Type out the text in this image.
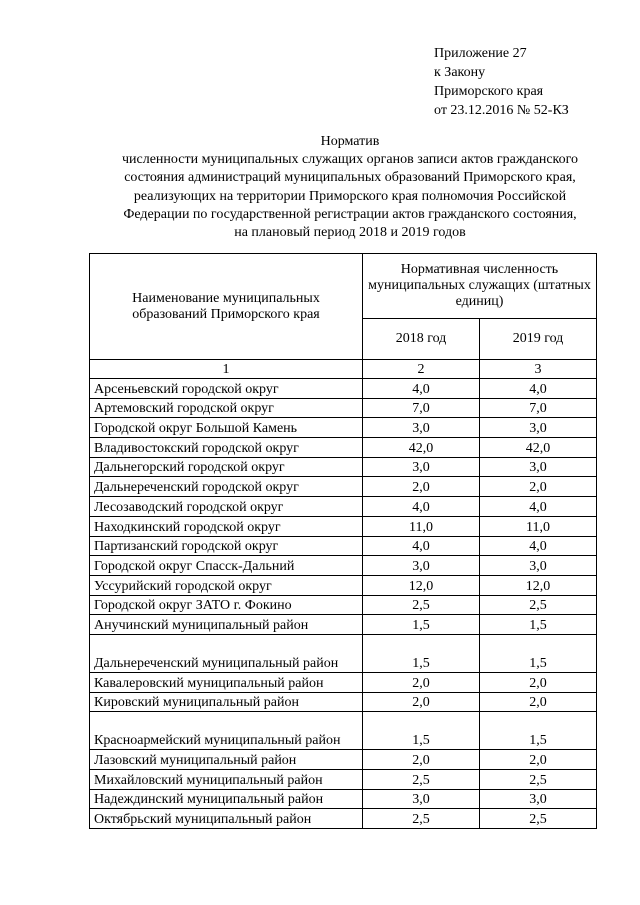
Приложение 27
к Закону
Приморского края
от 23.12.2016 № 52-КЗ
Норматив
численности муниципальных служащих органов записи актов гражданского
состояния администраций муниципальных образований Приморского края,
реализующих на территории Приморского края полномочия Российской
Федерации по государственной регистрации актов гражданского состояния,
на плановый период 2018 и 2019 годов
Наименование муниципальных образований Приморского края	Нормативная численность муниципальных служащих (штатных единиц)	
	2018 год	2019 год
1	2	3
Арсеньевский городской округ	4,0	4,0
Артемовский городской округ	7,0	7,0
Городской округ Большой Камень	3,0	3,0
Владивостокский городской округ	42,0	42,0
Дальнегорский городской округ	3,0	3,0
Дальнереченский городской округ	2,0	2,0
Лесозаводский городской округ	4,0	4,0
Находкинский городской округ	11,0	11,0
Партизанский городской округ	4,0	4,0
Городской округ Спасск-Дальний	3,0	3,0
Уссурийский городской округ	12,0	12,0
Городской округ ЗАТО г. Фокино	2,5	2,5
Анучинский муниципальный район	1,5	1,5
Дальнереченский муниципальный район	1,5	1,5
Кавалеровский муниципальный район	2,0	2,0
Кировский муниципальный район	2,0	2,0
Красноармейский муниципальный район	1,5	1,5
Лазовский муниципальный район	2,0	2,0
Михайловский муниципальный район	2,5	2,5
Надеждинский муниципальный район	3,0	3,0
Октябрьский муниципальный район	2,5	2,5
